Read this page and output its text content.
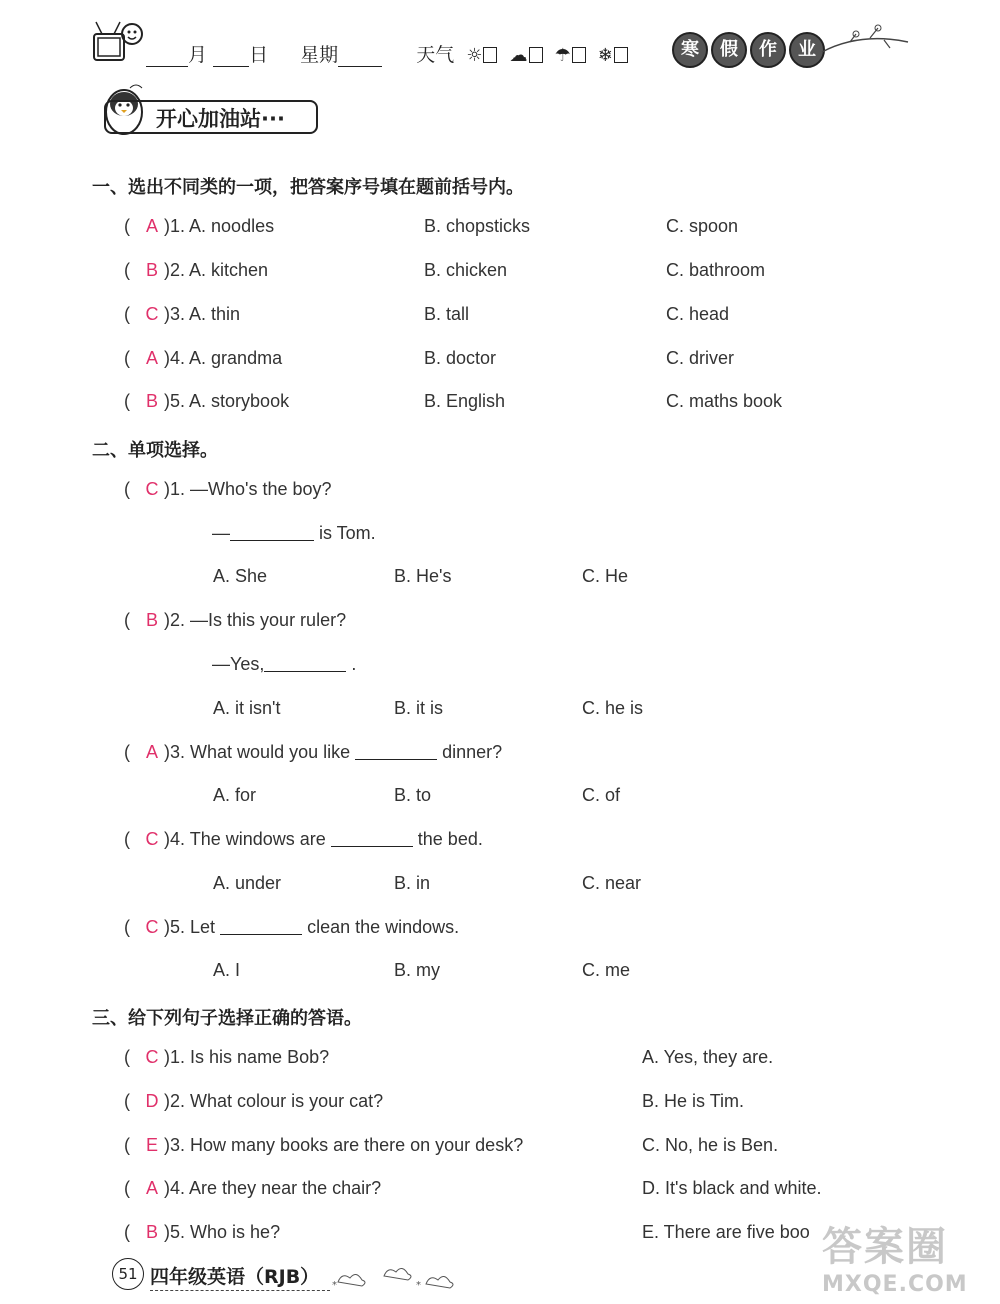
月 日 星期	天气 ☼ ☁ ☂ ❄	寒 假 作 业
开心加油站···
一、选出不同类的一项，把答案序号填在题前括号内。
( A )1. A. noodles	B. chopsticks	C. spoon
( B )2. A. kitchen	B. chicken	C. bathroom
( C )3. A. thin	B. tall	C. head
( A )4. A. grandma	B. doctor	C. driver
( B )5. A. storybook	B. English	C. maths book
二、单项选择。
( C )1. —Who's the boy?
—	is Tom.
A. She	B. He's	C. He
( B )2. —Is this your ruler?
—Yes,	.
A. it isn't	B. it is	C. he is
( A )3. What would you like	dinner?
A. for	B. to	C. of
( C )4. The windows are	the bed.
A. under	B. in	C. near
( C )5. Let	clean the windows.
A. I	B. my	C. me
三、给下列句子选择正确的答语。
( C )1. Is his name Bob?	A. Yes, they are.
( D )2. What colour is your cat?	B. He is Tim.
( E )3. How many books are there on your desk?	C. No, he is Ben.
( A )4. Are they near the chair?	D. It's black and white.
( B )5. Who is he?	E. There are five boo
51 四年级英语（RJB） *	*
答案圈
MXQE.COM
